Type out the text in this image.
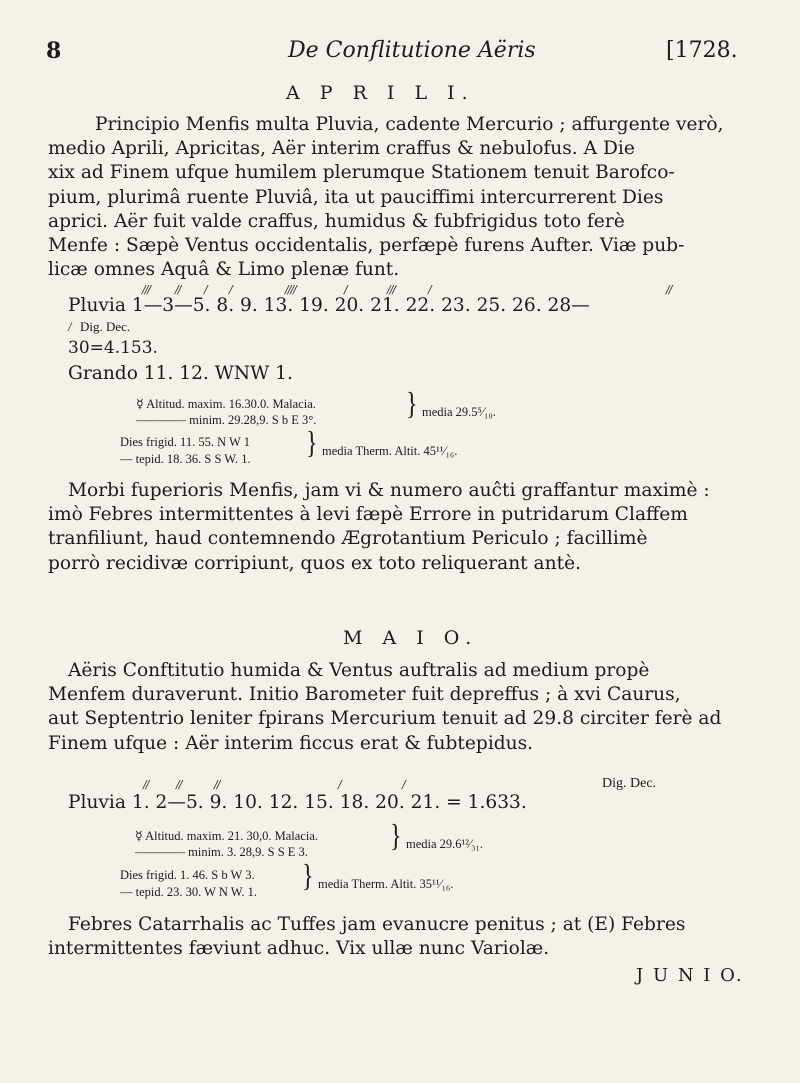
8	De Conflitutione Aëris	[1728.
A P R I L I.
Principio Menfis multa Pluvia, cadente Mercurio ; affurgente verò,
medio Aprili, Apricitas, Aër interim craffus & nebulofus. A Die
xix ad Finem ufque humilem plerumque Stationem tenuit Barofco-
pium, plurimâ ruente Pluviâ, ita ut pauciffimi intercurrerent Dies
aprici. Aër fuit valde craffus, humidus & fubfrigidus toto ferè
Menfe : Sæpè Ventus occidentalis, perfæpè furens Aufter. Viæ pub-
licæ omnes Aquâ & Limo plenæ funt.
/// // / /	////	/	///	/	//
Pluvia 1—3—5. 8. 9. 13. 19. 20. 21. 22. 23. 25. 26. 28—
/ Dig. Dec.
30=4.153.
Grando 11. 12. WNW 1.
☿ Altitud. maxim. 16.30.0. Malacia.
———— minim. 29.28,9. S b E 3°.	} media 29.5⁵⁄₁₀.
Dies frigid. 11. 55. N W 1
— tepid. 18. 36. S S W. 1. } media Therm. Altit. 45¹¹⁄₁₆.
Morbi fuperioris Menfis, jam vi & numero auĉti graffantur maximè :
imò Febres intermittentes à levi fæpè Errore in putridarum Claffem
tranfiliunt, haud contemnendo Ægrotantium Periculo ; facillimè
porrò recidivæ corripiunt, quos ex toto reliquerant antè.
M A I O.
Aëris Conftitutio humida & Ventus auftralis ad medium propè
Menfem duraverunt. Initio Barometer fuit depreffus ; à xvi Caurus,
aut Septentrio leniter fpirans Mercurium tenuit ad 29.8 circiter ferè ad
Finem ufque : Aër interim ficcus erat & fubtepidus.
//	//	//	/	/	Dig. Dec.
Pluvia 1. 2—5. 9. 10. 12. 15. 18. 20. 21. = 1.633.
☿ Altitud. maxim. 21. 30,0. Malacia.
———— minim. 3. 28,9. S S E 3.	} media 29.6¹²⁄₃₁.
Dies frigid. 1. 46. S b W 3.
— tepid. 23. 30. W N W. 1. } media Therm. Altit. 35¹¹⁄₁₆.
Febres Catarrhalis ac Tuffes jam evanucre penitus ; at (E) Febres
intermittentes fæviunt adhuc. Vix ullæ nunc Variolæ.
J U N I O.
